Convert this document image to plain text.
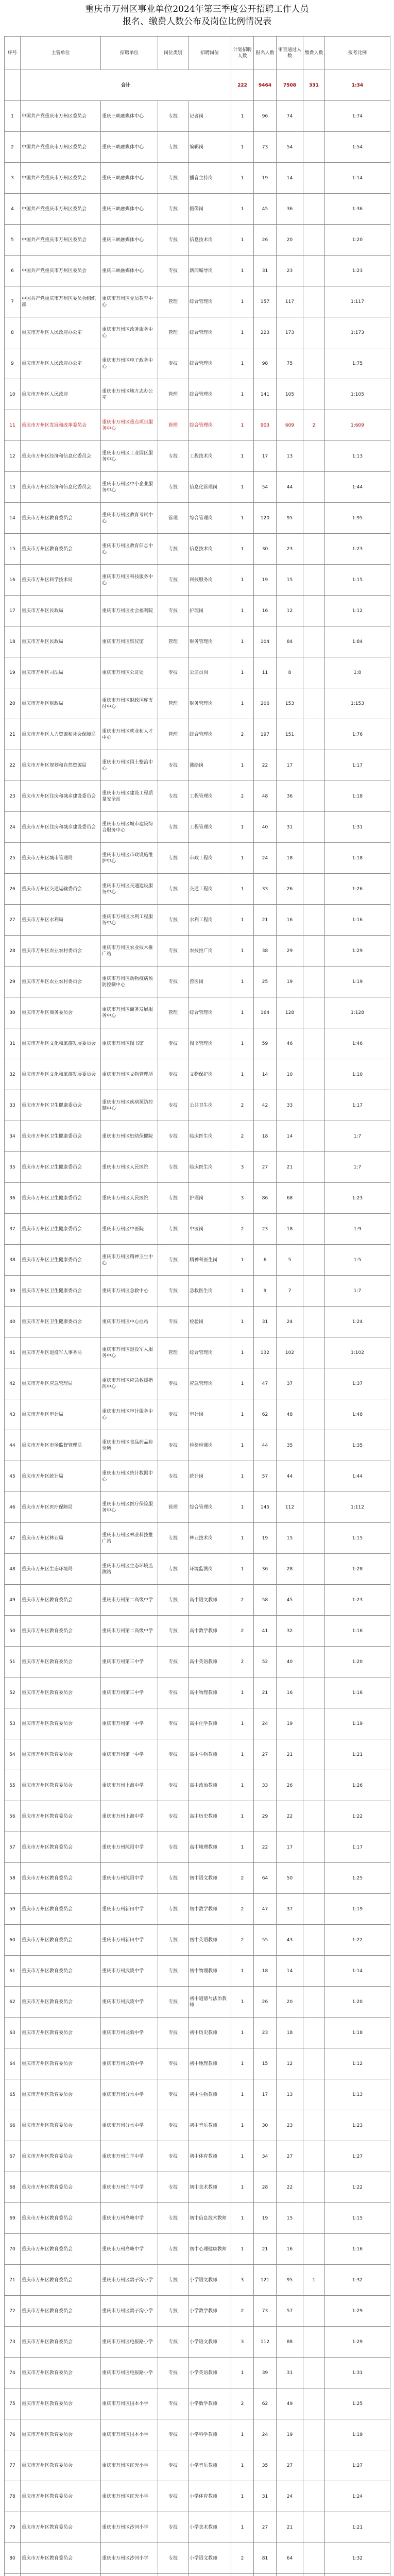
重庆市万州区事业单位2024年第三季度公开招聘工作人员
报名、缴费人数公布及岗位比例情况表
序号	主管单位	招聘单位	岗位类别	招聘岗位	计划招聘人数	报名人数	审查通过人数	缴费人数	报考比例
	合计				222	9464	7508	331	1:34
1	中国共产党重庆市万州区委员会	重庆三峡融媒体中心	专技	记者岗	1	96	74		1:74
2	中国共产党重庆市万州区委员会	重庆三峡融媒体中心	专技	编辑岗	1	73	54		1:54
3	中国共产党重庆市万州区委员会	重庆三峡融媒体中心	专技	播音主持岗	1	19	14		1:14
4	中国共产党重庆市万州区委员会	重庆三峡融媒体中心	专技	摄像岗	1	45	36		1:36
5	中国共产党重庆市万州区委员会	重庆三峡融媒体中心	专技	信息技术岗	1	26	20		1:20
6	中国共产党重庆市万州区委员会	重庆三峡融媒体中心	专技	新闻编导岗	1	31	23		1:23
7	中国共产党重庆市万州区委员会组织部	重庆市万州区党员教育中心	管理	综合管理岗	1	157	117		1:117
8	重庆市万州区人民政府办公室	重庆市万州区政务服务中心	管理	综合管理岗	1	223	173		1:173
9	重庆市万州区人民政府办公室	重庆市万州区电子政务中心	专技	综合管理岗	1	98	75		1:75
10	重庆市万州区人民政府	重庆市万州区地方志办公室	管理	综合管理岗	1	141	105		1:105
11	重庆市万州区发展和改革委员会	重庆市万州区重点项目服务中心	管理	综合管理岗	1	903	609	2	1:609
12	重庆市万州区经济和信息化委员会	重庆市万州区工业园区服务中心	专技	工程技术岗	1	17	13		1:13
13	重庆市万州区经济和信息化委员会	重庆市万州区中小企业服务中心	专技	信息化管理岗	1	54	44		1:44
14	重庆市万州区教育委员会	重庆市万州区教育考试中心	管理	综合管理岗	1	120	95		1:95
15	重庆市万州区教育委员会	重庆市万州区教育信息中心	专技	信息技术岗	1	30	23		1:23
16	重庆市万州区科学技术局	重庆市万州区科技服务中心	专技	科技服务岗	1	19	15		1:15
17	重庆市万州区民政局	重庆市万州区社会福利院	专技	护理岗	1	16	12		1:12
18	重庆市万州区民政局	重庆市万州区殡仪馆	管理	财务管理岗	1	104	84		1:84
19	重庆市万州区司法局	重庆市万州区公证处	专技	公证员岗	1	11	8		1:8
20	重庆市万州区财政局	重庆市万州区财政国库支付中心	管理	财务管理岗	1	206	153		1:153
21	重庆市万州区人力资源和社会保障局	重庆市万州区就业和人才中心	管理	综合管理岗	2	197	151		1:76
22	重庆市万州区规划和自然资源局	重庆市万州区国土整治中心	专技	测绘岗	1	22	17		1:17
23	重庆市万州区住房和城乡建设委员会	重庆市万州区建设工程质量安全站	专技	工程管理岗	2	48	36		1:18
24	重庆市万州区住房和城乡建设委员会	重庆市万州区城市建设综合服务中心	专技	工程管理岗	1	40	31		1:31
25	重庆市万州区城市管理局	重庆市万州区市政设施维护中心	专技	市政工程岗	1	24	18		1:18
26	重庆市万州区交通运输委员会	重庆市万州区交通建设服务中心	专技	交通工程岗	1	33	26		1:26
27	重庆市万州区水利局	重庆市万州区水利工程服务中心	专技	水利工程岗	1	21	16		1:16
28	重庆市万州区农业农村委员会	重庆市万州区农业技术推广站	专技	农技推广岗	1	38	29		1:29
29	重庆市万州区农业农村委员会	重庆市万州区动物疫病预防控制中心	专技	兽医岗	1	25	19		1:19
30	重庆市万州区商务委员会	重庆市万州区商务发展服务中心	管理	综合管理岗	1	164	128		1:128
31	重庆市万州区文化和旅游发展委员会	重庆市万州区图书馆	专技	图书管理岗	1	59	46		1:46
32	重庆市万州区文化和旅游发展委员会	重庆市万州区文物管理所	专技	文物保护岗	1	14	10		1:10
33	重庆市万州区卫生健康委员会	重庆市万州区疾病预防控制中心	专技	公共卫生岗	2	42	33		1:17
34	重庆市万州区卫生健康委员会	重庆市万州区妇幼保健院	专技	临床医生岗	2	18	14		1:7
35	重庆市万州区卫生健康委员会	重庆市万州区人民医院	专技	临床医生岗	3	27	21		1:7
36	重庆市万州区卫生健康委员会	重庆市万州区人民医院	专技	护理岗	3	86	68		1:23
37	重庆市万州区卫生健康委员会	重庆市万州区中医院	专技	中医岗	2	23	18		1:9
38	重庆市万州区卫生健康委员会	重庆市万州区精神卫生中心	专技	精神科医生岗	1	6	5		1:5
39	重庆市万州区卫生健康委员会	重庆市万州区急救中心	专技	急救医生岗	1	9	7		1:7
40	重庆市万州区卫生健康委员会	重庆市万州区中心血站	专技	检验岗	1	31	24		1:24
41	重庆市万州区退役军人事务局	重庆市万州区退役军人服务中心	管理	综合管理岗	1	132	102		1:102
42	重庆市万州区应急管理局	重庆市万州区应急救援指挥中心	专技	应急管理岗	1	47	37		1:37
43	重庆市万州区审计局	重庆市万州区审计服务中心	专技	审计岗	1	62	48		1:48
44	重庆市万州区市场监督管理局	重庆市万州区食品药品检验所	专技	检验检测岗	1	44	35		1:35
45	重庆市万州区统计局	重庆市万州区统计数据中心	专技	统计岗	1	57	44		1:44
46	重庆市万州区医疗保障局	重庆市万州区医疗保险服务中心	管理	综合管理岗	1	145	112		1:112
47	重庆市万州区林业局	重庆市万州区林业科技推广站	专技	林业技术岗	1	19	15		1:15
48	重庆市万州区生态环境局	重庆市万州区生态环境监测站	专技	环境监测岗	1	36	28		1:28
49	重庆市万州区教育委员会	重庆市万州第二高级中学	专技	高中语文教师	2	58	45		1:23
50	重庆市万州区教育委员会	重庆市万州第二高级中学	专技	高中数学教师	2	41	32		1:16
51	重庆市万州区教育委员会	重庆市万州第三中学	专技	高中英语教师	2	52	40		1:20
52	重庆市万州区教育委员会	重庆市万州第三中学	专技	高中物理教师	1	21	16		1:16
53	重庆市万州区教育委员会	重庆市万州第一中学	专技	高中化学教师	1	24	19		1:19
54	重庆市万州区教育委员会	重庆市万州第一中学	专技	高中生物教师	1	27	21		1:21
55	重庆市万州区教育委员会	重庆市万州上海中学	专技	高中政治教师	1	33	26		1:26
56	重庆市万州区教育委员会	重庆市万州上海中学	专技	高中历史教师	1	29	22		1:22
57	重庆市万州区教育委员会	重庆市万州纯阳中学	专技	高中地理教师	1	22	17		1:17
58	重庆市万州区教育委员会	重庆市万州纯阳中学	专技	初中语文教师	2	64	50		1:25
59	重庆市万州区教育委员会	重庆市万州新田中学	专技	初中数学教师	2	47	37		1:19
60	重庆市万州区教育委员会	重庆市万州新田中学	专技	初中英语教师	2	55	43		1:22
61	重庆市万州区教育委员会	重庆市万州武陵中学	专技	初中物理教师	1	18	14		1:14
62	重庆市万州区教育委员会	重庆市万州武陵中学	专技	初中道德与法治教师	1	26	20		1:20
63	重庆市万州区教育委员会	重庆市万州龙驹中学	专技	初中历史教师	1	23	18		1:18
64	重庆市万州区教育委员会	重庆市万州龙驹中学	专技	初中地理教师	1	15	12		1:12
65	重庆市万州区教育委员会	重庆市万州分水中学	专技	初中生物教师	1	17	13		1:13
66	重庆市万州区教育委员会	重庆市万州分水中学	专技	初中音乐教师	1	30	23		1:23
67	重庆市万州区教育委员会	重庆市万州白羊中学	专技	初中体育教师	1	34	27		1:27
68	重庆市万州区教育委员会	重庆市万州白羊中学	专技	初中美术教师	1	28	22		1:22
69	重庆市万州区教育委员会	重庆市万州高峰中学	专技	初中信息技术教师	1	19	15		1:15
70	重庆市万州区教育委员会	重庆市万州高峰中学	专技	初中心理健康教师	1	21	16		1:16
71	重庆市万州区教育委员会	重庆市万州区鸽子沟小学	专技	小学语文教师	3	121	95	1	1:32
72	重庆市万州区教育委员会	重庆市万州区鸽子沟小学	专技	小学数学教师	2	73	57		1:29
73	重庆市万州区教育委员会	重庆市万州区电报路小学	专技	小学语文教师	3	112	88		1:29
74	重庆市万州区教育委员会	重庆市万州区电报路小学	专技	小学英语教师	1	39	31		1:31
75	重庆市万州区教育委员会	重庆市万州区国本小学	专技	小学数学教师	2	62	49		1:25
76	重庆市万州区教育委员会	重庆市万州区国本小学	专技	小学科学教师	1	24	19		1:19
77	重庆市万州区教育委员会	重庆市万州区红光小学	专技	小学音乐教师	1	35	27		1:27
78	重庆市万州区教育委员会	重庆市万州区红光小学	专技	小学体育教师	1	31	24		1:24
79	重庆市万州区教育委员会	重庆市万州区沙河小学	专技	小学美术教师	1	27	21		1:21
80	重庆市万州区教育委员会	重庆市万州区沙河小学	专技	小学语文教师	2	81	64		1:32
